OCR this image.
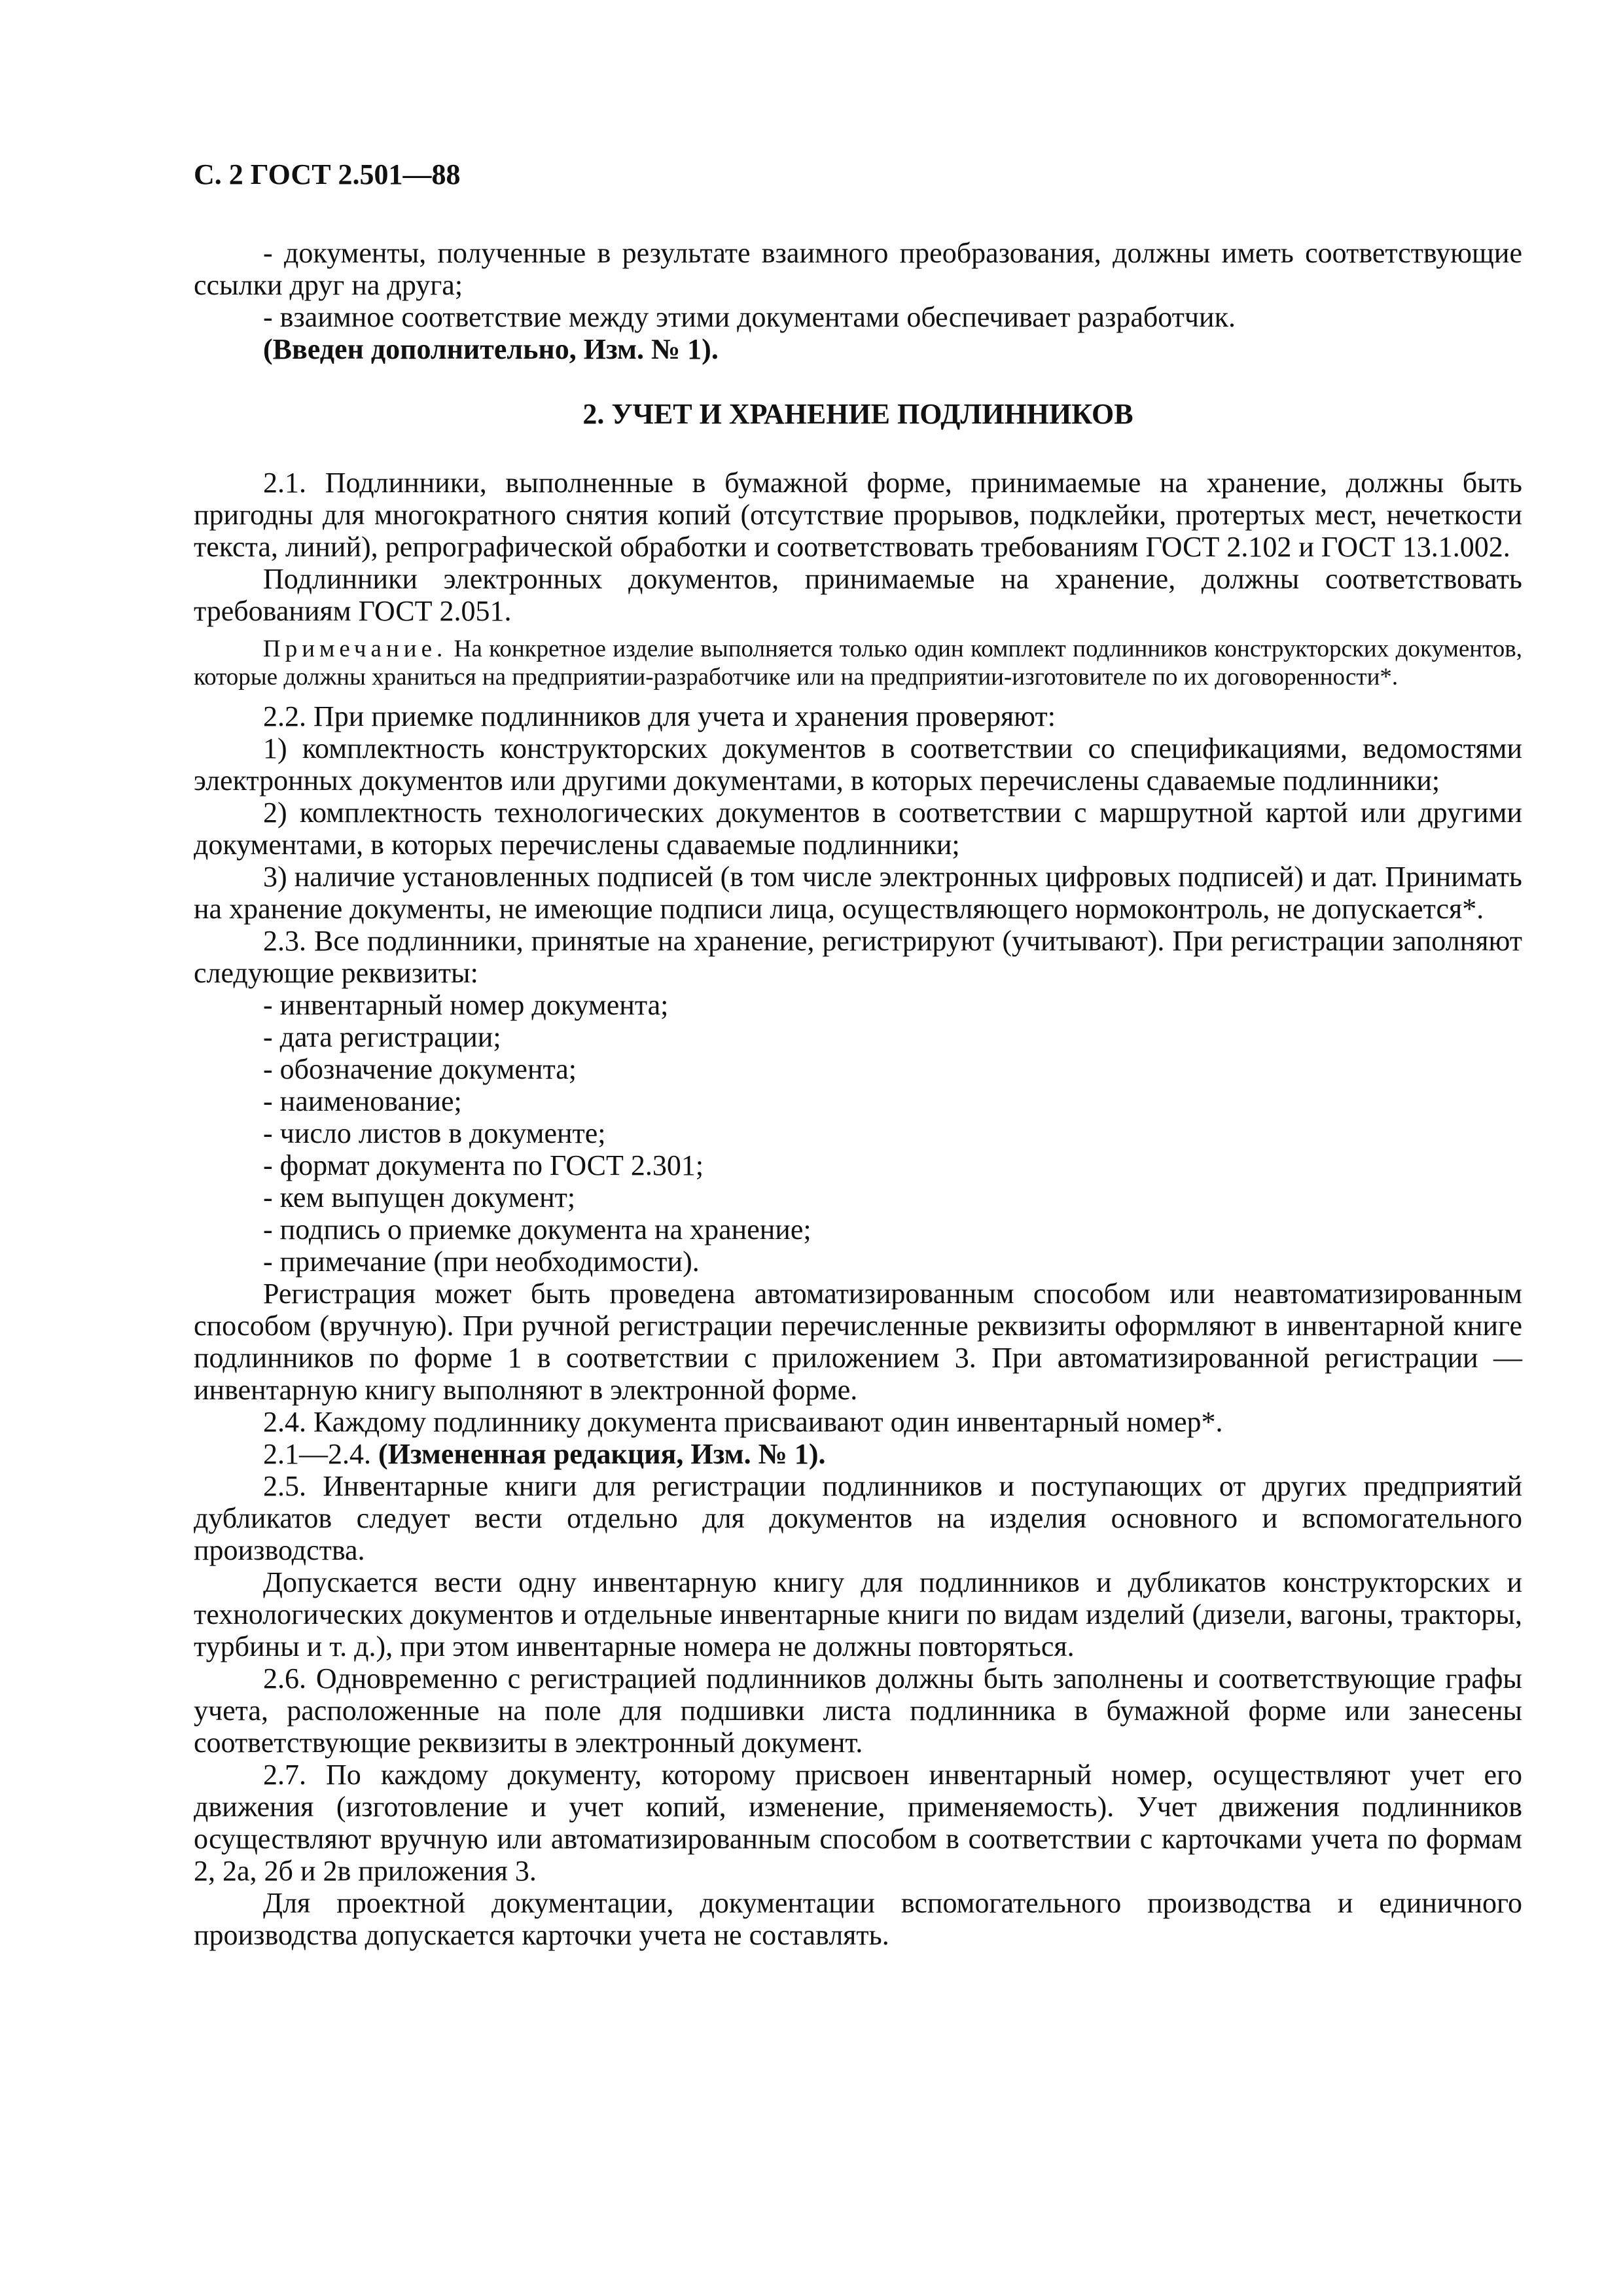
С. 2 ГОСТ 2.501—88

- документы, полученные в результате взаимного преобразования, должны иметь соответствующие ссылки друг на друга;

- взаимное соответствие между этими документами обеспечивает разработчик.

(Введен дополнительно, Изм. № 1).

2. УЧЕТ И ХРАНЕНИЕ ПОДЛИННИКОВ

2.1. Подлинники, выполненные в бумажной форме, принимаемые на хранение, должны быть пригодны для многократного снятия копий (отсутствие прорывов, подклейки, протертых мест, нечеткости текста, линий), репрографической обработки и соответствовать требованиям ГОСТ 2.102 и ГОСТ 13.1.002.

Подлинники электронных документов, принимаемые на хранение, должны соответствовать требованиям ГОСТ 2.051.

Примечание. На конкретное изделие выполняется только один комплект подлинников конструкторских документов, которые должны храниться на предприятии-разработчике или на предприятии-изготовителе по их договоренности*.

2.2. При приемке подлинников для учета и хранения проверяют:

1) комплектность конструкторских документов в соответствии со спецификациями, ведомостями электронных документов или другими документами, в которых перечислены сдаваемые подлинники;

2) комплектность технологических документов в соответствии с маршрутной картой или другими документами, в которых перечислены сдаваемые подлинники;

3) наличие установленных подписей (в том числе электронных цифровых подписей) и дат. Принимать на хранение документы, не имеющие подписи лица, осуществляющего нормоконтроль, не допускается*.

2.3. Все подлинники, принятые на хранение, регистрируют (учитывают). При регистрации заполняют следующие реквизиты:

- инвентарный номер документа;

- дата регистрации;

- обозначение документа;

- наименование;

- число листов в документе;

- формат документа по ГОСТ 2.301;

- кем выпущен документ;

- подпись о приемке документа на хранение;

- примечание (при необходимости).

Регистрация может быть проведена автоматизированным способом или неавтоматизированным способом (вручную). При ручной регистрации перечисленные реквизиты оформляют в инвентарной книге подлинников по форме 1 в соответствии с приложением 3. При автоматизированной регистрации — инвентарную книгу выполняют в электронной форме.

2.4. Каждому подлиннику документа присваивают один инвентарный номер*.

2.1—2.4. (Измененная редакция, Изм. № 1).

2.5. Инвентарные книги для регистрации подлинников и поступающих от других предприятий дубликатов следует вести отдельно для документов на изделия основного и вспомогательного производства.

Допускается вести одну инвентарную книгу для подлинников и дубликатов конструкторских и технологических документов и отдельные инвентарные книги по видам изделий (дизели, вагоны, тракторы, турбины и т. д.), при этом инвентарные номера не должны повторяться.

2.6. Одновременно с регистрацией подлинников должны быть заполнены и соответствующие графы учета, расположенные на поле для подшивки листа подлинника в бумажной форме или занесены соответствующие реквизиты в электронный документ.

2.7. По каждому документу, которому присвоен инвентарный номер, осуществляют учет его движения (изготовление и учет копий, изменение, применяемость). Учет движения подлинников осуществляют вручную или автоматизированным способом в соответствии с карточками учета по формам 2, 2а, 2б и 2в приложения 3.

Для проектной документации, документации вспомогательного производства и единичного производства допускается карточки учета не составлять.
